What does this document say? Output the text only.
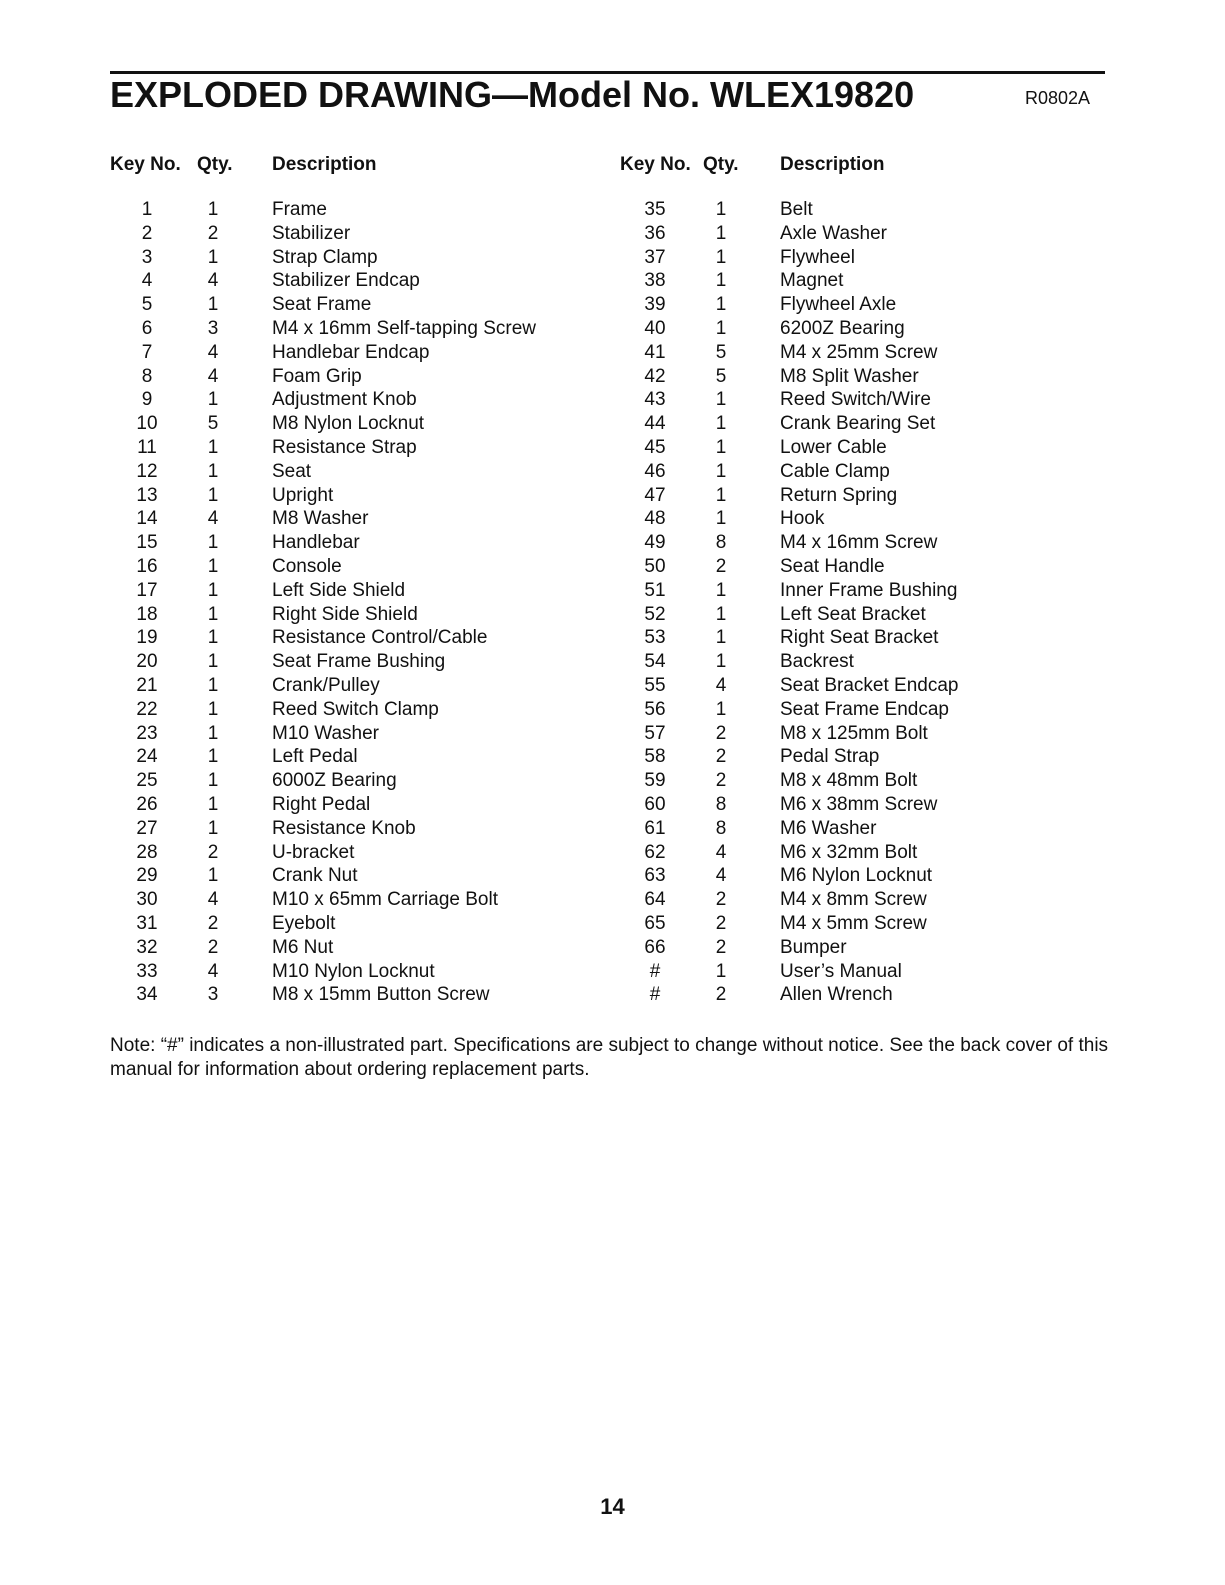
EXPLODED DRAWING—Model No. WLEX19820	R0802A
Key No. Qty. Description	Key No. Qty. Description
1	1	Frame	35	1	Belt
2	2	Stabilizer	36	1	Axle Washer
3	1	Strap Clamp	37	1	Flywheel
4	4	Stabilizer Endcap	38	1	Magnet
5	1	Seat Frame	39	1	Flywheel Axle
6	3	M4 x 16mm Self-tapping Screw	40	1	6200Z Bearing
7	4	Handlebar Endcap	41	5	M4 x 25mm Screw
8	4	Foam Grip	42	5	M8 Split Washer
9	1	Adjustment Knob	43	1	Reed Switch/Wire
10	5	M8 Nylon Locknut	44	1	Crank Bearing Set
11	1	Resistance Strap	45	1	Lower Cable
12	1	Seat	46	1	Cable Clamp
13	1	Upright	47	1	Return Spring
14	4	M8 Washer	48	1	Hook
15	1	Handlebar	49	8	M4 x 16mm Screw
16	1	Console	50	2	Seat Handle
17	1	Left Side Shield	51	1	Inner Frame Bushing
18	1	Right Side Shield	52	1	Left Seat Bracket
19	1	Resistance Control/Cable	53	1	Right Seat Bracket
20	1	Seat Frame Bushing	54	1	Backrest
21	1	Crank/Pulley	55	4	Seat Bracket Endcap
22	1	Reed Switch Clamp	56	1	Seat Frame Endcap
23	1	M10 Washer	57	2	M8 x 125mm Bolt
24	1	Left Pedal	58	2	Pedal Strap
25	1	6000Z Bearing	59	2	M8 x 48mm Bolt
26	1	Right Pedal	60	8	M6 x 38mm Screw
27	1	Resistance Knob	61	8	M6 Washer
28	2	U-bracket	62	4	M6 x 32mm Bolt
29	1	Crank Nut	63	4	M6 Nylon Locknut
30	4	M10 x 65mm Carriage Bolt	64	2	M4 x 8mm Screw
31	2	Eyebolt	65	2	M4 x 5mm Screw
32	2	M6 Nut	66	2	Bumper
33	4	M10 Nylon Locknut	#	1	User’s Manual
34	3	M8 x 15mm Button Screw	#	2	Allen Wrench
Note: “#” indicates a non-illustrated part. Specifications are subject to change without notice. See the back cover of this manual for information about ordering replacement parts.
14
